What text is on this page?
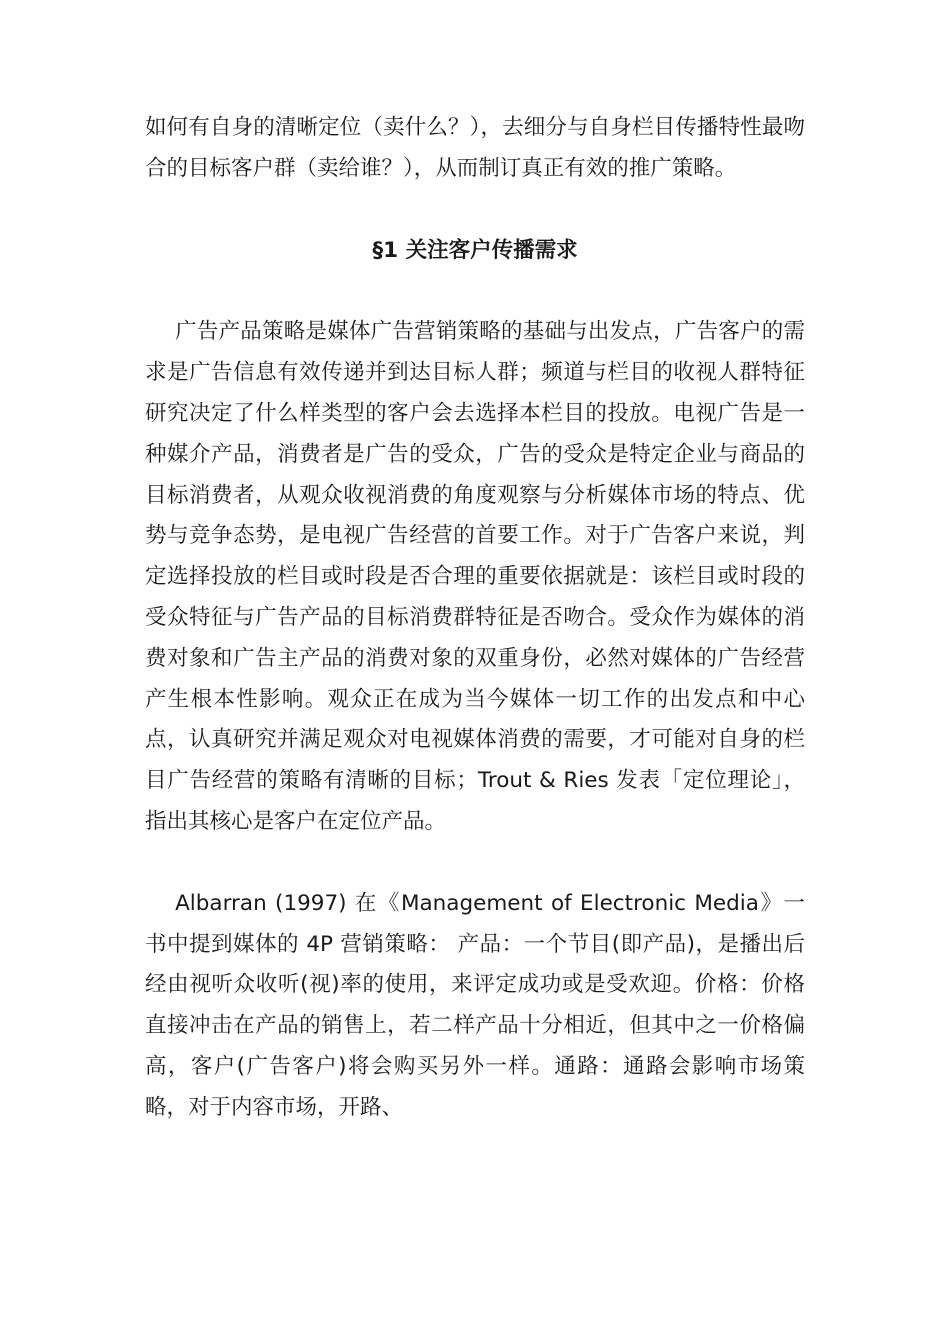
如何有自身的清晰定位（卖什么？），去细分与自身栏目传播特性最吻合的目标客户群（卖给谁？），从而制订真正有效的推广策略。

§1 关注客户传播需求

广告产品策略是媒体广告营销策略的基础与出发点，广告客户的需求是广告信息有效传递并到达目标人群；频道与栏目的收视人群特征研究决定了什么样类型的客户会去选择本栏目的投放。电视广告是一种媒介产品，消费者是广告的受众，广告的受众是特定企业与商品的目标消费者，从观众收视消费的角度观察与分析媒体市场的特点、优势与竞争态势，是电视广告经营的首要工作。对于广告客户来说，判定选择投放的栏目或时段是否合理的重要依据就是：该栏目或时段的受众特征与广告产品的目标消费群特征是否吻合。受众作为媒体的消费对象和广告主产品的消费对象的双重身份，必然对媒体的广告经营产生根本性影响。观众正在成为当今媒体一切工作的出发点和中心点，认真研究并满足观众对电视媒体消费的需要，才可能对自身的栏目广告经营的策略有清晰的目标；Trout & Ries 发表「定位理论」，指出其核心是客户在定位产品。

Albarran (1997) 在《Management of Electronic Media》一书中提到媒体的 4P 营销策略： 产品：一个节目(即产品)，是播出后经由视听众收听(视)率的使用，来评定成功或是受欢迎。价格：价格直接冲击在产品的销售上，若二样产品十分相近，但其中之一价格偏高，客户(广告客户)将会购买另外一样。通路：通路会影响市场策略，对于内容市场，开路、
